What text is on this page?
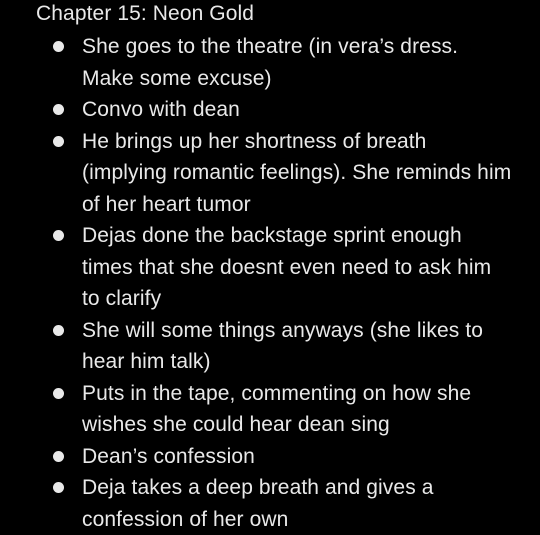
Chapter 15: Neon Gold
She goes to the theatre (in vera’s dress. Make some excuse)
Convo with dean
He brings up her shortness of breath (implying romantic feelings). She reminds him of her heart tumor
Dejas done the backstage sprint enough times that she doesnt even need to ask him to clarify
She will some things anyways (she likes to hear him talk)
Puts in the tape, commenting on how she wishes she could hear dean sing
Dean’s confession
Deja takes a deep breath and gives a confession of her own
